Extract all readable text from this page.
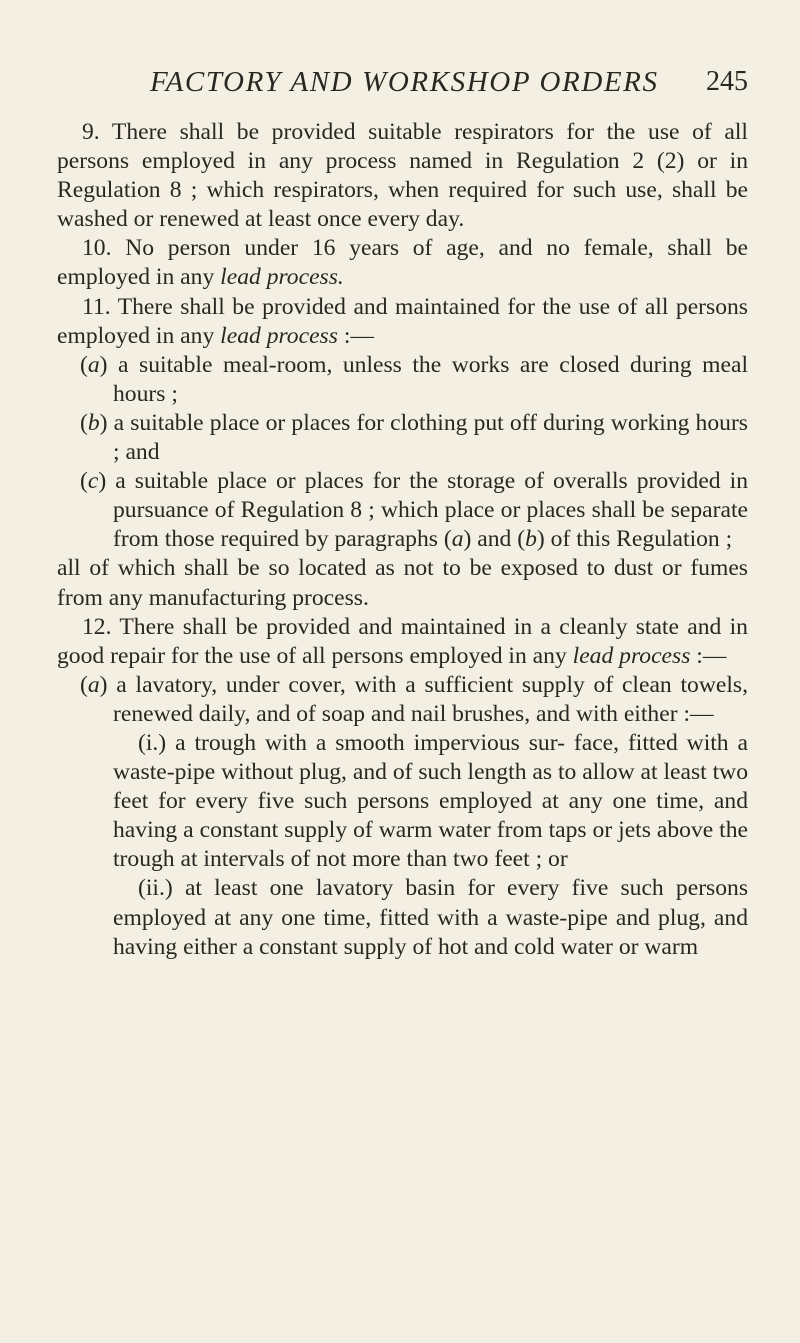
FACTORY AND WORKSHOP ORDERS 245

9. There shall be provided suitable respirators for the use of all persons employed in any process named in Regulation 2 (2) or in Regulation 8 ; which respirators, when required for such use, shall be washed or renewed at least once every day.

10. No person under 16 years of age, and no female, shall be employed in any lead process.

11. There shall be provided and maintained for the use of all persons employed in any lead process :—

(a) a suitable meal-room, unless the works are closed during meal hours ;

(b) a suitable place or places for clothing put off during working hours ; and

(c) a suitable place or places for the storage of overalls provided in pursuance of Regulation 8 ; which place or places shall be separate from those required by paragraphs (a) and (b) of this Regulation ;

all of which shall be so located as not to be exposed to dust or fumes from any manufacturing process.

12. There shall be provided and maintained in a cleanly state and in good repair for the use of all persons employed in any lead process :—

(a) a lavatory, under cover, with a sufficient supply of clean towels, renewed daily, and of soap and nail brushes, and with either :—

(i.) a trough with a smooth impervious sur- face, fitted with a waste-pipe without plug, and of such length as to allow at least two feet for every five such persons employed at any one time, and having a constant supply of warm water from taps or jets above the trough at intervals of not more than two feet ; or

(ii.) at least one lavatory basin for every five such persons employed at any one time, fitted with a waste-pipe and plug, and having either a constant supply of hot and cold water or warm
